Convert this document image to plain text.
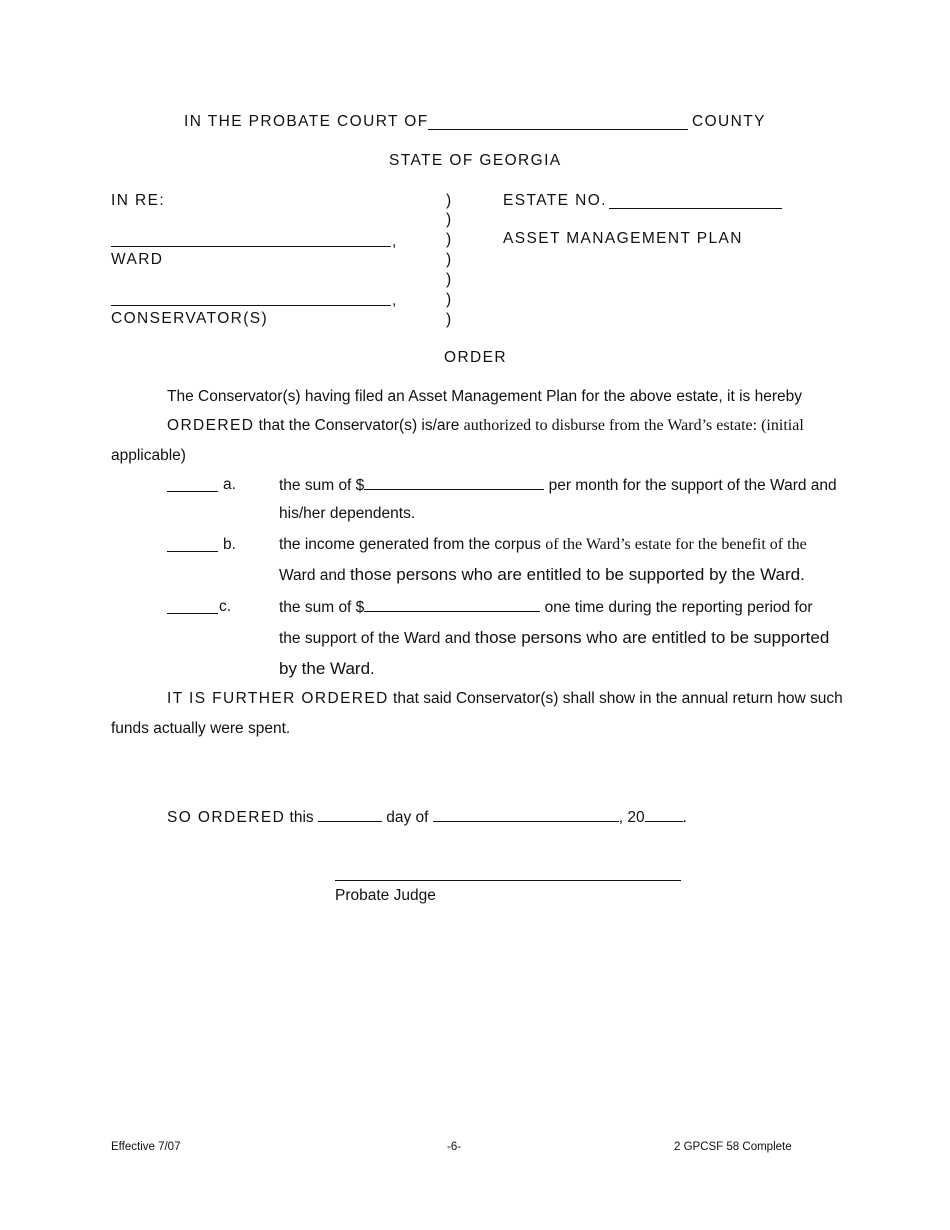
IN THE PROBATE COURT OF	COUNTY
STATE OF GEORGIA
IN RE:
,
WARD
,
CONSERVATOR(S)
)
)
)
)
)
)
)
ESTATE NO.
ASSET MANAGEMENT PLAN
ORDER
The Conservator(s) having filed an Asset Management Plan for the above estate, it is hereby
ORDERED that the Conservator(s) is/are authorized to disburse from the Ward’s estate: (initial
applicable)
a.	the sum of $	per month for the support of the Ward and
his/her dependents.
b.	the income generated from the corpus of the Ward’s estate for the benefit of the
Ward and those persons who are entitled to be supported by the Ward.
c.	the sum of $	one time during the reporting period for
the support of the Ward and those persons who are entitled to be supported
by the Ward.
IT IS FURTHER ORDERED that said Conservator(s) shall show in the annual return how such
funds actually were spent.
SO ORDERED this	day of	, 20 .
Probate Judge
Effective 7/07	-6-	2 GPCSF 58 Complete
